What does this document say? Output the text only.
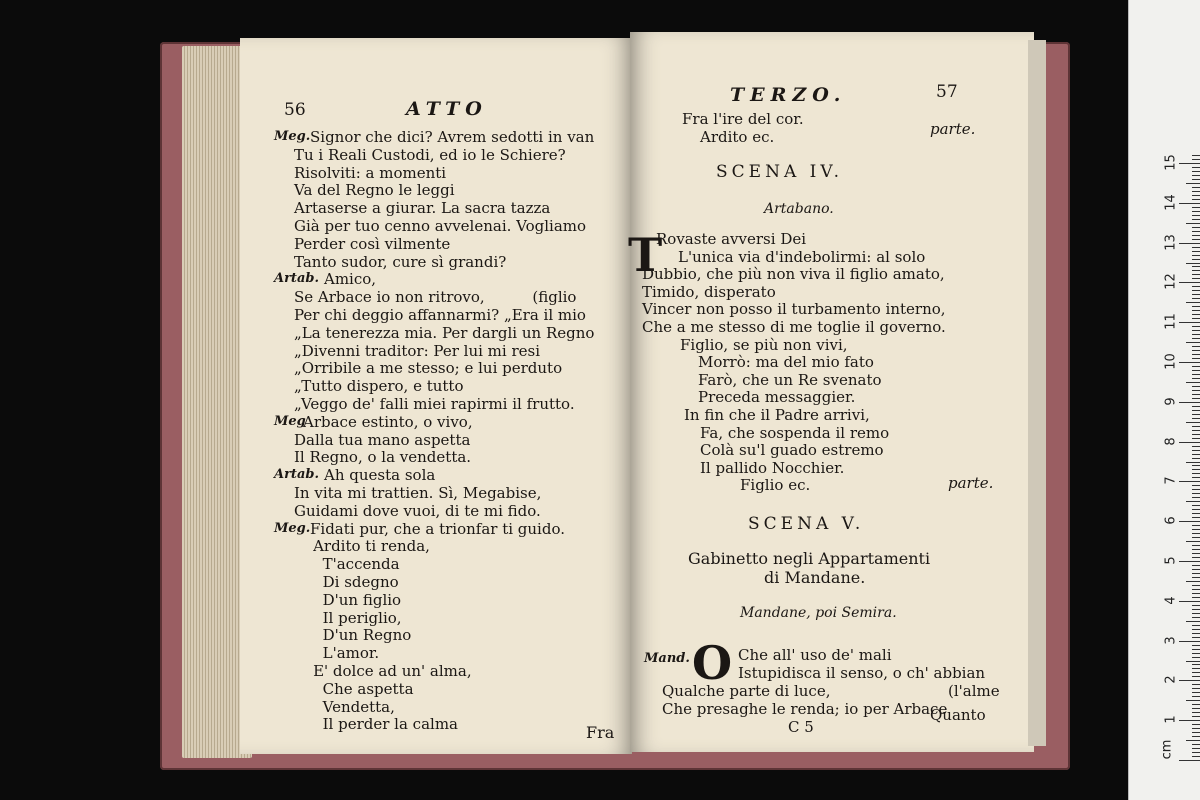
56	ATTO
Meg. Signor che dici? Avrem sedotti in van
Tu i Reali Custodi, ed io le Schiere?
Risolviti: a momenti
Va del Regno le leggi
Artaserse a giurar. La sacra tazza
Già per tuo cenno avvelenai. Vogliamo
Perder così vilmente
Tanto sudor, cure sì grandi?
Artab. Amico,
Se Arbace io non ritrovo,          (figlio
Per chi deggio affannarmi? „Era il mio
„La tenerezza mia. Per dargli un Regno
„Divenni traditor: Per lui mi resi
„Orribile a me stesso; e lui perduto
„Tutto dispero, e tutto
„Veggo de' falli miei rapirmi il frutto.
Meg
Arbace estinto, o vivo,
Dalla tua mano aspetta
Il Regno, o la vendetta.
Artab. Ah questa sola
In vita mi trattien. Sì, Megabise,
Guidami dove vuoi, di te mi fido.
Meg. Fidati pur, che a trionfar ti guido.
Ardito ti renda,
T'accenda
Di sdegno
D'un figlio
Il periglio,
D'un Regno
L'amor.
E' dolce ad un' alma,
Che aspetta
Vendetta,
Il perder la calma	Fra
TERZO.	57
Fra l'ire del cor.
Ardito ec.	parte.
SCENA IV.
Artabano.
T
Rovaste avversi Dei
L'unica via d'indebolirmi: al solo
Dubbio, che più non viva il figlio amato,
Timido, disperato
Vincer non posso il turbamento interno,
Che a me stesso di me toglie il governo.
Figlio, se più non vivi,
Morrò: ma del mio fato
Farò, che un Re svenato
Preceda messaggier.
In fin che il Padre arrivi,
Fa, che sospenda il remo
Colà su'l guado estremo
Il pallido Nocchier.
Figlio ec.	parte.
SCENA V.
Gabinetto negli Appartamenti
di Mandane.
Mandane, poi Semira.
Mand. O Che all' uso de' mali
Istupidisca il senso, o ch' abbian
(l'alme
Qualche parte di luce,
Che presaghe le renda; io per Arbace
C 5
Quanto	1
2
3
4
5
6
7
8
9
10
11
12
13
14
15
cm
